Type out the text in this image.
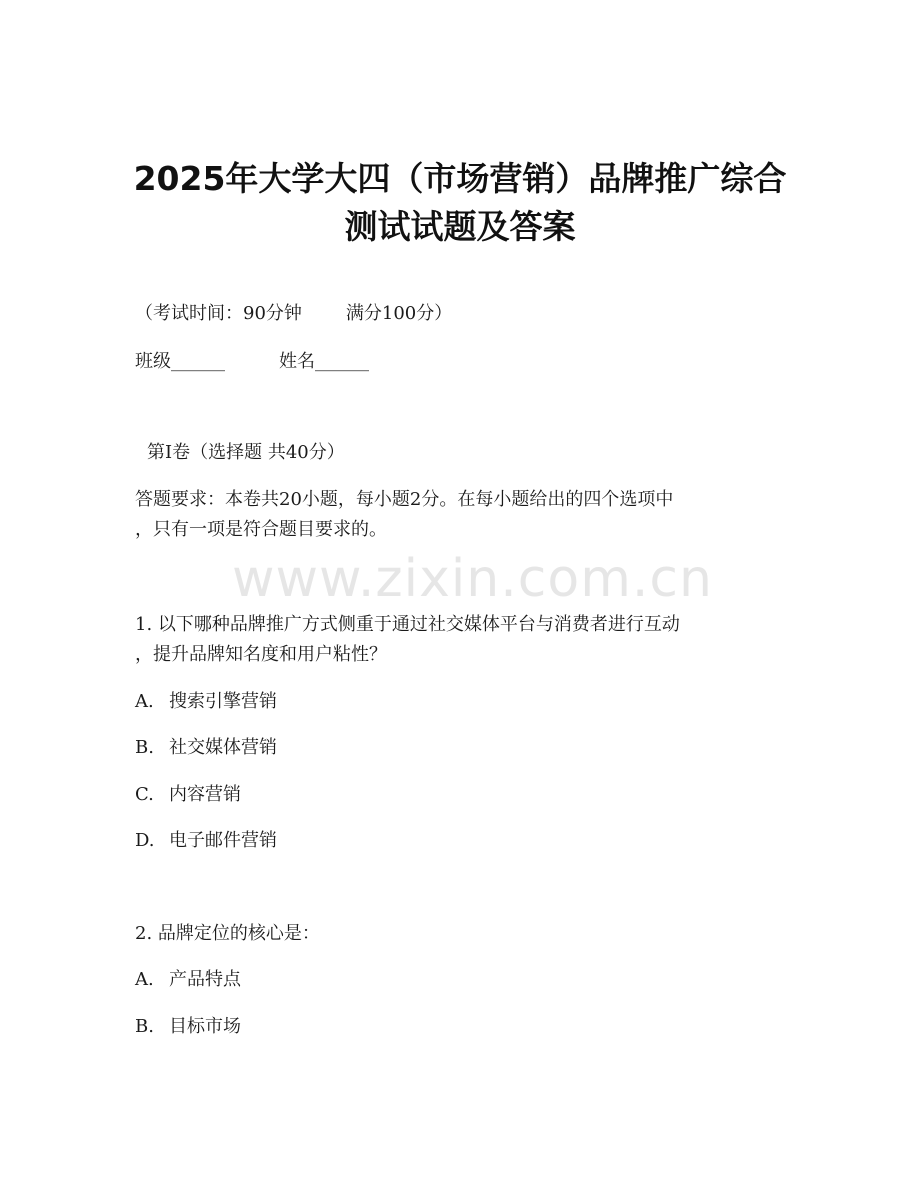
www.zixin.com.cn
2025年大学大四（市场营销）品牌推广综合
测试试题及答案

（考试时间：90分钟 满分100分）

班级______	姓名______

第I卷（选择题 共40分）

答题要求：本卷共20小题，每小题2分。在每小题给出的四个选项中

，只有一项是符合题目要求的。

1. 以下哪种品牌推广方式侧重于通过社交媒体平台与消费者进行互动

，提升品牌知名度和用户粘性？

A. 搜索引擎营销

B. 社交媒体营销

C. 内容营销

D. 电子邮件营销

2. 品牌定位的核心是：

A. 产品特点

B. 目标市场
